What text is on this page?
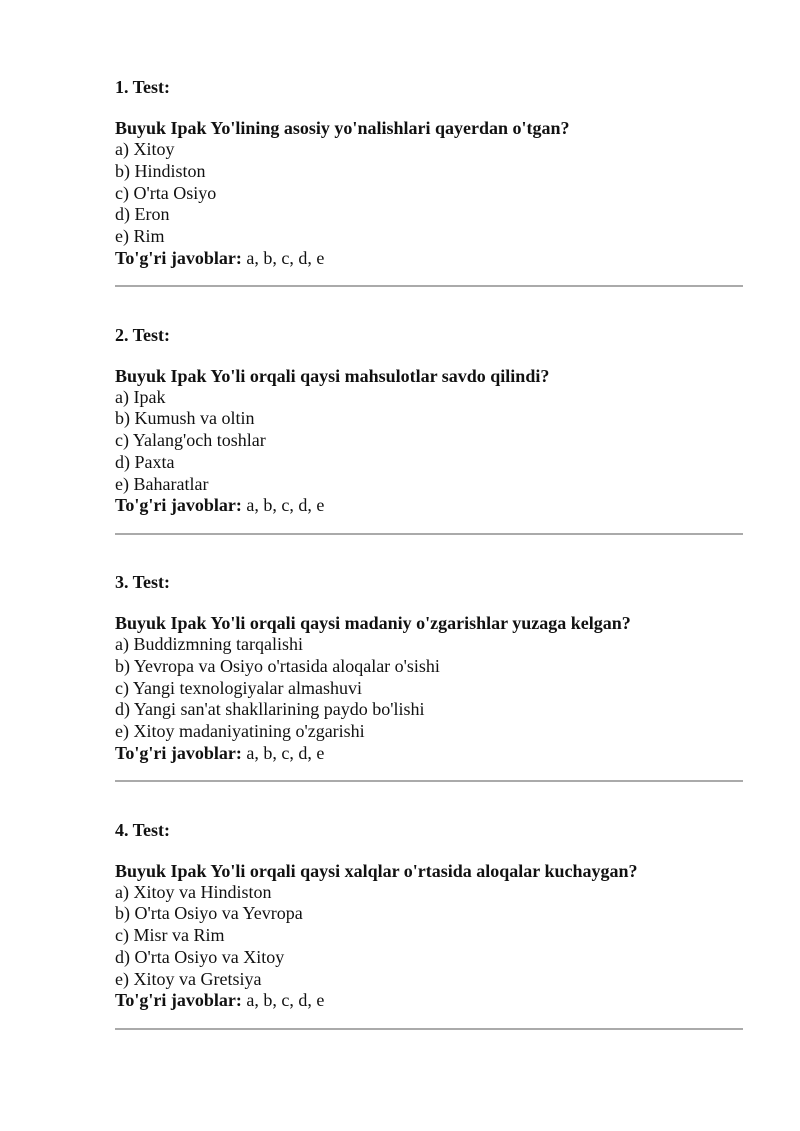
1. Test:

Buyuk Ipak Yo'lining asosiy yo'nalishlari qayerdan o'tgan?

a) Xitoy

b) Hindiston

c) O'rta Osiyo

d) Eron

e) Rim

To'g'ri javoblar: a, b, c, d, e

2. Test:

Buyuk Ipak Yo'li orqali qaysi mahsulotlar savdo qilindi?

a) Ipak

b) Kumush va oltin

c) Yalang'och toshlar

d) Paxta

e) Baharatlar

To'g'ri javoblar: a, b, c, d, e

3. Test:

Buyuk Ipak Yo'li orqali qaysi madaniy o'zgarishlar yuzaga kelgan?

a) Buddizmning tarqalishi

b) Yevropa va Osiyo o'rtasida aloqalar o'sishi

c) Yangi texnologiyalar almashuvi

d) Yangi san'at shakllarining paydo bo'lishi

e) Xitoy madaniyatining o'zgarishi

To'g'ri javoblar: a, b, c, d, e

4. Test:

Buyuk Ipak Yo'li orqali qaysi xalqlar o'rtasida aloqalar kuchaygan?

a) Xitoy va Hindiston

b) O'rta Osiyo va Yevropa

c) Misr va Rim

d) O'rta Osiyo va Xitoy

e) Xitoy va Gretsiya

To'g'ri javoblar: a, b, c, d, e
